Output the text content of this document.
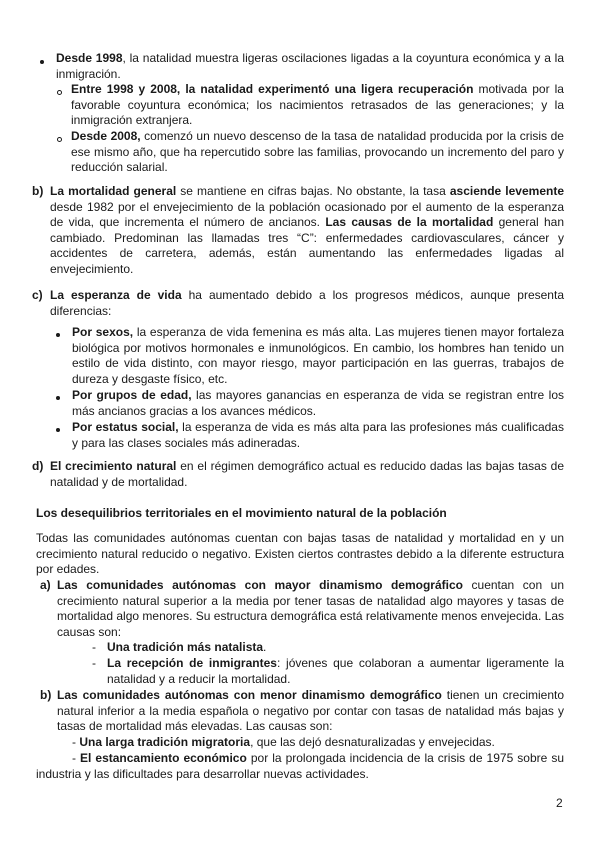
Desde 1998, la natalidad muestra ligeras oscilaciones ligadas a la coyuntura económica y a la inmigración.

Entre 1998 y 2008, la natalidad experimentó una ligera recuperación motivada por la favorable coyuntura económica; los nacimientos retrasados de las generaciones; y la inmigración extranjera.

Desde 2008, comenzó un nuevo descenso de la tasa de natalidad producida por la crisis de ese mismo año, que ha repercutido sobre las familias, provocando un incremento del paro y reducción salarial.

b) La mortalidad general se mantiene en cifras bajas. No obstante, la tasa asciende levemente desde 1982 por el envejecimiento de la población ocasionado por el aumento de la esperanza de vida, que incrementa el número de ancianos. Las causas de la mortalidad general han cambiado. Predominan las llamadas tres “C”: enfermedades cardiovasculares, cáncer y accidentes de carretera, además, están aumentando las enfermedades ligadas al envejecimiento.

c) La esperanza de vida ha aumentado debido a los progresos médicos, aunque presenta diferencias:

Por sexos, la esperanza de vida femenina es más alta. Las mujeres tienen mayor fortaleza biológica por motivos hormonales e inmunológicos. En cambio, los hombres han tenido un estilo de vida distinto, con mayor riesgo, mayor participación en las guerras, trabajos de dureza y desgaste físico, etc.

Por grupos de edad, las mayores ganancias en esperanza de vida se registran entre los más ancianos gracias a los avances médicos.

Por estatus social, la esperanza de vida es más alta para las profesiones más cualificadas y para las clases sociales más adineradas.

d) El crecimiento natural en el régimen demográfico actual es reducido dadas las bajas tasas de natalidad y de mortalidad.

Los desequilibrios territoriales en el movimiento natural de la población

Todas las comunidades autónomas cuentan con bajas tasas de natalidad y mortalidad en y un crecimiento natural reducido o negativo. Existen ciertos contrastes debido a la diferente estructura por edades.

a) Las comunidades autónomas con mayor dinamismo demográfico cuentan con un crecimiento natural superior a la media por tener tasas de natalidad algo mayores y tasas de mortalidad algo menores. Su estructura demográfica está relativamente menos envejecida. Las causas son:

- Una tradición más natalista.

- La recepción de inmigrantes: jóvenes que colaboran a aumentar ligeramente la natalidad y a reducir la mortalidad.

b) Las comunidades autónomas con menor dinamismo demográfico tienen un crecimiento natural inferior a la media española o negativo por contar con tasas de natalidad más bajas y tasas de mortalidad más elevadas. Las causas son:

- Una larga tradición migratoria, que las dejó desnaturalizadas y envejecidas.

- El estancamiento económico por la prolongada incidencia de la crisis de 1975 sobre su industria y las dificultades para desarrollar nuevas actividades.

2
